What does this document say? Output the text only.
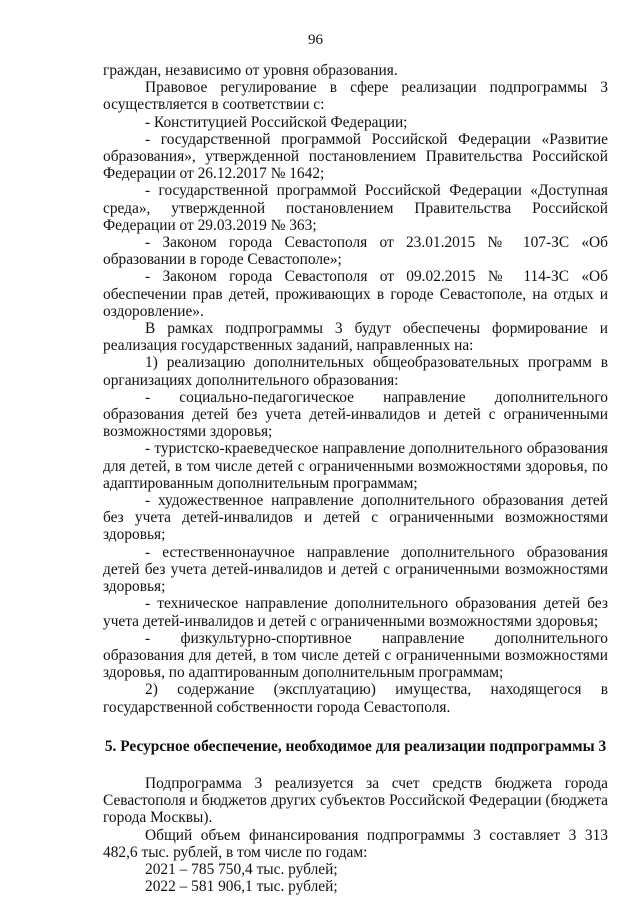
96

граждан, независимо от уровня образования.

Правовое регулирование в сфере реализации подпрограммы 3 осуществляется в соответствии с:

- Конституцией Российской Федерации;

- государственной программой Российской Федерации «Развитие образования», утвержденной постановлением Правительства Российской Федерации от 26.12.2017 № 1642;

- государственной программой Российской Федерации «Доступная среда», утвержденной постановлением Правительства Российской Федерации от 29.03.2019 № 363;

- Законом города Севастополя от 23.01.2015 № 107-ЗС «Об образовании в городе Севастополе»;

- Законом города Севастополя от 09.02.2015 № 114-ЗС «Об обеспечении прав детей, проживающих в городе Севастополе, на отдых и оздоровление».

В рамках подпрограммы 3 будут обеспечены формирование и реализация государственных заданий, направленных на:

1) реализацию дополнительных общеобразовательных программ в организациях дополнительного образования:

- социально-педагогическое направление дополнительного образования детей без учета детей-инвалидов и детей с ограниченными возможностями здоровья;

- туристско-краеведческое направление дополнительного образования для детей, в том числе детей с ограниченными возможностями здоровья, по адаптированным дополнительным программам;

- художественное направление дополнительного образования детей без учета детей-инвалидов и детей с ограниченными возможностями здоровья;

- естественнонаучное направление дополнительного образования детей без учета детей-инвалидов и детей с ограниченными возможностями здоровья;

- техническое направление дополнительного образования детей без учета детей-инвалидов и детей с ограниченными возможностями здоровья;

- физкультурно-спортивное направление дополнительного образования для детей, в том числе детей с ограниченными возможностями здоровья, по адаптированным дополнительным программам;

2) содержание (эксплуатацию) имущества, находящегося в государственной собственности города Севастополя.

5. Ресурсное обеспечение, необходимое для реализации подпрограммы 3

Подпрограмма 3 реализуется за счет средств бюджета города Севастополя и бюджетов других субъектов Российской Федерации (бюджета города Москвы).

Общий объем финансирования подпрограммы 3 составляет 3 313 482,6 тыс. рублей, в том числе по годам:

2021 – 785 750,4 тыс. рублей;

2022 – 581 906,1 тыс. рублей;
